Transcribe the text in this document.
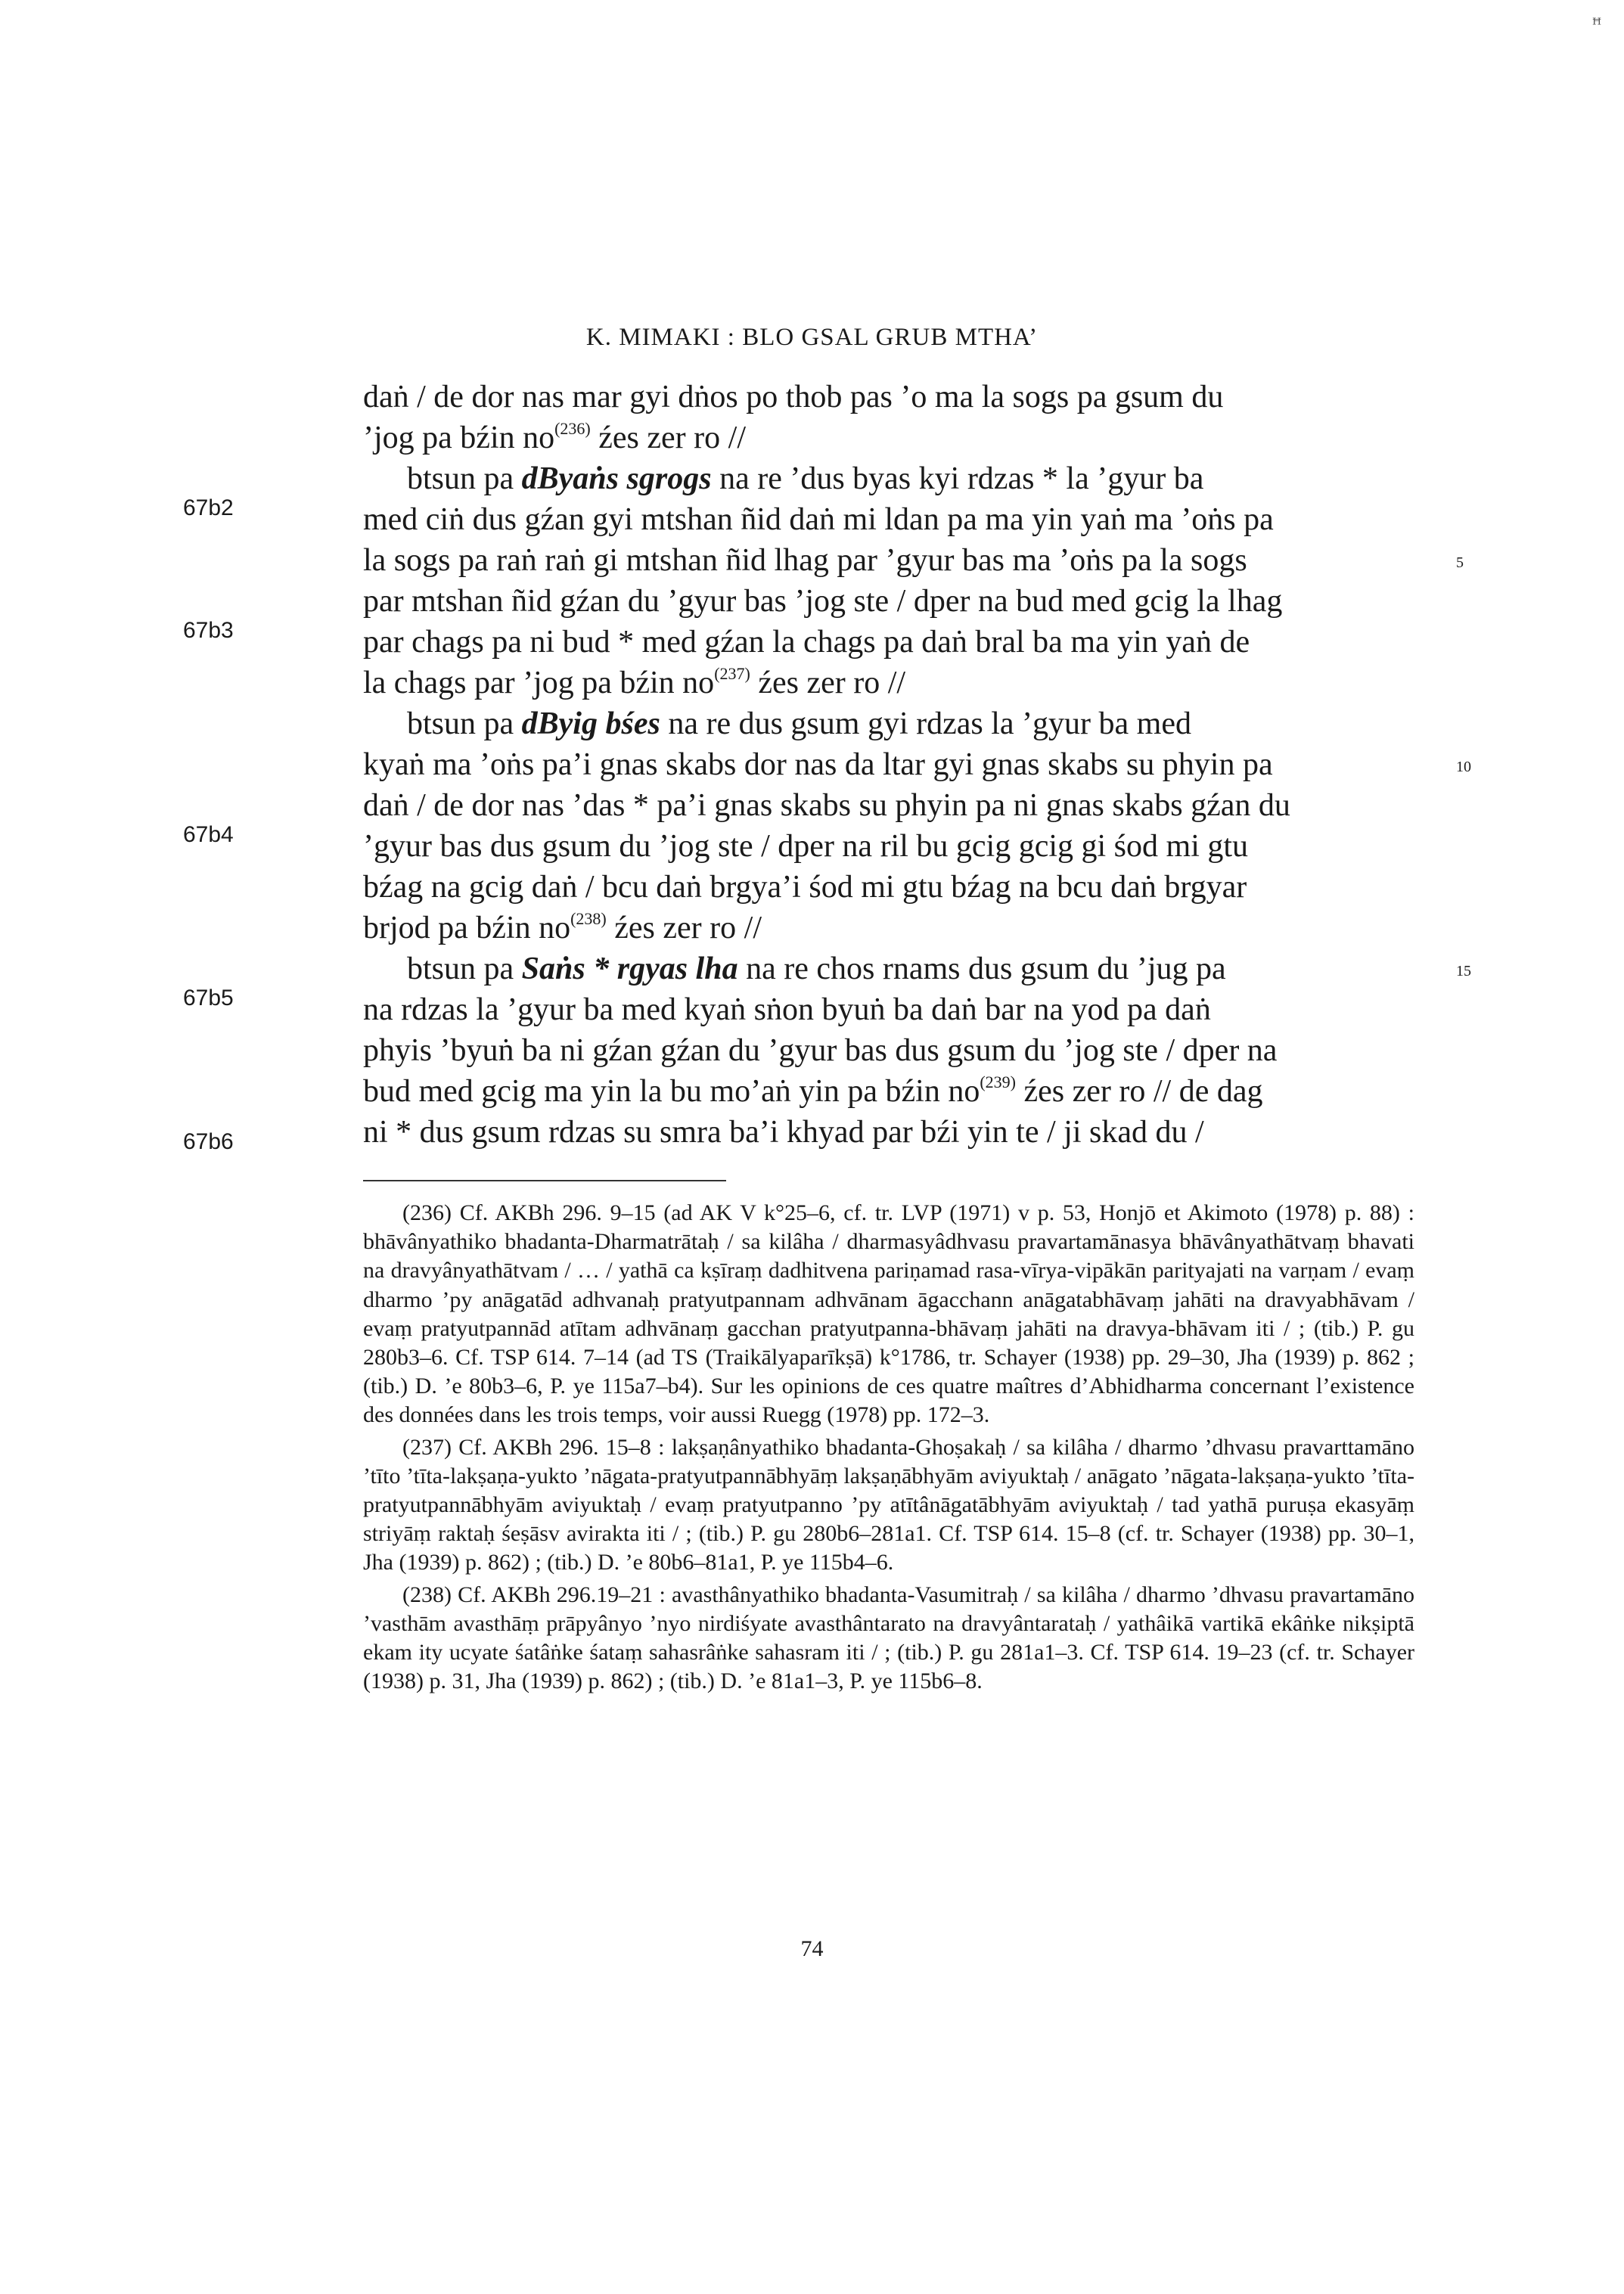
ꟸ
K. MIMAKI : BLO GSAL GRUB MTHA’
67b2
67b3
67b4
67b5
67b6
5
10
15
daṅ / de dor nas mar gyi dṅos po thob pas ’o ma la sogs pa gsum du
’jog pa bźin $no^{(236)}$ źes zer ro //
btsun pa dByaṅs sgrogs na re ’dus byas kyi rdzas * la ’gyur ba
med ciṅ dus gźan gyi mtshan ñid daṅ mi ldan pa ma yin yaṅ ma ’oṅs pa
la sogs pa raṅ raṅ gi mtshan ñid lhag par ’gyur bas ma ’oṅs pa la sogs
par mtshan ñid gźan du ’gyur bas ’jog ste / dper na bud med gcig la lhag
par chags pa ni bud * med gźan la chags pa daṅ bral ba ma yin yaṅ de
la chags par ’jog pa bźin $no^{(237)}$ źes zer ro //
btsun pa dByig bśes na re dus gsum gyi rdzas la ’gyur ba med
kyaṅ ma ’oṅs pa’i gnas skabs dor nas da ltar gyi gnas skabs su phyin pa
daṅ / de dor nas ’das * pa’i gnas skabs su phyin pa ni gnas skabs gźan du
’gyur bas dus gsum du ’jog ste / dper na ril bu gcig gcig gi śod mi gtu
bźag na gcig daṅ / bcu daṅ brgya’i śod mi gtu bźag na bcu daṅ brgyar
brjod pa bźin $no^{(238)}$ źes zer ro //
btsun pa Saṅs * rgyas lha na re chos rnams dus gsum du ’jug pa
na rdzas la ’gyur ba med kyaṅ sṅon byuṅ ba daṅ bar na yod pa daṅ
phyis ’byuṅ ba ni gźan gźan du ’gyur bas dus gsum du ’jog ste / dper na
bud med gcig ma yin la bu mo’aṅ yin pa bźin $no^{(239)}$ źes zer ro // de dag
ni * dus gsum rdzas su smra ba’i khyad par bźi yin te / ji skad du /

(236) Cf. AKBh 296. 9–15 (ad AK V k°25–6, cf. tr. LVP (1971) v p. 53, Honjō et Akimoto (1978) p. 88) : bhāvânyathiko bhadanta-Dharmatrātaḥ / sa kilâha / dharmasyâdhvasu pravartamānasya bhāvânyathātvaṃ bhavati na dravyânyathātvam / … / yathā ca kṣīraṃ dadhitvena pariṇamad rasa-vīrya-vipākān parityajati na varṇam / evaṃ dharmo ’py anāgatād adhvanaḥ pratyutpannam adhvānam āgacchann anāgatabhāvaṃ jahāti na dravyabhāvam / evaṃ pratyutpannād atītam adhvānaṃ gacchan pratyutpanna-bhāvaṃ jahāti na dravya-bhāvam iti / ; (tib.) P. gu 280b3–6. Cf. TSP 614. 7–14 (ad TS (Traikālyaparīkṣā) k°1786, tr. Schayer (1938) pp. 29–30, Jha (1939) p. 862 ; (tib.) D. ’e 80b3–6, P. ye 115a7–b4). Sur les opinions de ces quatre maîtres d’Abhidharma concernant l’existence des données dans les trois temps, voir aussi Ruegg (1978) pp. 172–3.

(237) Cf. AKBh 296. 15–8 : lakṣaṇânyathiko bhadanta-Ghoṣakaḥ / sa kilâha / dharmo ’dhvasu pravarttamāno ’tīto ’tīta-lakṣaṇa-yukto ’nāgata-pratyutpannābhyāṃ lakṣaṇābhyām aviyuktaḥ / anāgato ’nāgata-lakṣaṇa-yukto ’tīta-pratyutpannābhyām aviyuktaḥ / evaṃ pratyutpanno ’py atītânāgatābhyām aviyuktaḥ / tad yathā puruṣa ekasyāṃ striyāṃ raktaḥ śeṣāsv avirakta iti / ; (tib.) P. gu 280b6–281a1. Cf. TSP 614. 15–8 (cf. tr. Schayer (1938) pp. 30–1, Jha (1939) p. 862) ; (tib.) D. ’e 80b6–81a1, P. ye 115b4–6.

(238) Cf. AKBh 296.19–21 : avasthânyathiko bhadanta-Vasumitraḥ / sa kilâha / dharmo ’dhvasu pravartamāno ’vasthām avasthāṃ prāpyânyo ’nyo nirdiśyate avasthântarato na dravyântarataḥ / yathâikā vartikā ekâṅke nikṣiptā ekam ity ucyate śatâṅke śataṃ sahasrâṅke sahasram iti / ; (tib.) P. gu 281a1–3. Cf. TSP 614. 19–23 (cf. tr. Schayer (1938) p. 31, Jha (1939) p. 862) ; (tib.) D. ’e 81a1–3, P. ye 115b6–8.

74
